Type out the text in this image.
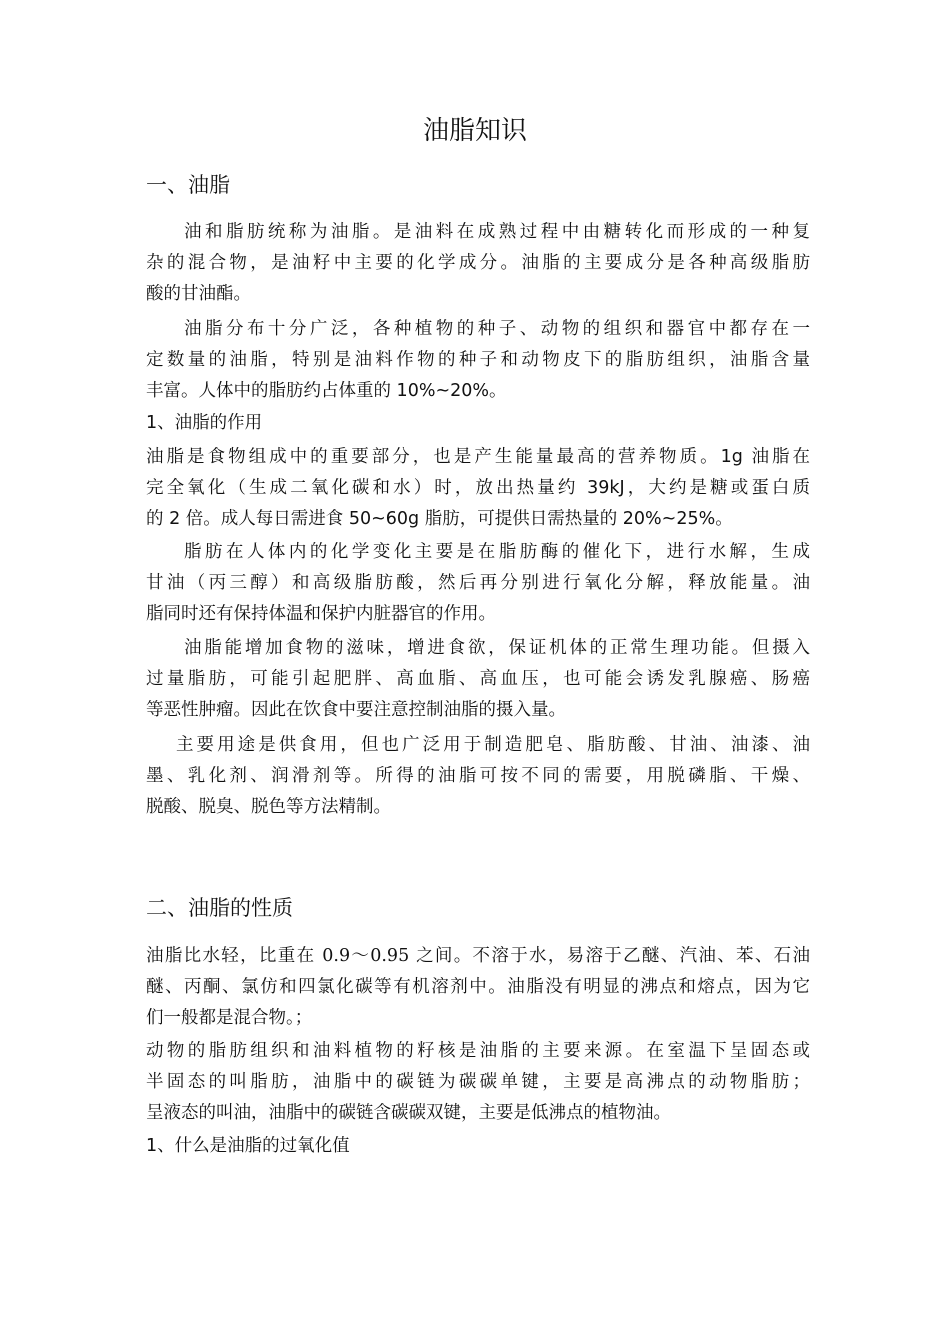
油脂知识
一、油脂
油和脂肪统称为油脂。是油料在成熟过程中由糖转化而形成的一种复
杂的混合物，是油籽中主要的化学成分。油脂的主要成分是各种高级脂肪
酸的甘油酯。
油脂分布十分广泛，各种植物的种子、动物的组织和器官中都存在一
定数量的油脂，特别是油料作物的种子和动物皮下的脂肪组织，油脂含量
丰富。人体中的脂肪约占体重的 10%~20%。
1、油脂的作用
油脂是食物组成中的重要部分，也是产生能量最高的营养物质。1g 油脂在
完全氧化（生成二氧化碳和水）时，放出热量约 39kJ，大约是糖或蛋白质
的 2 倍。成人每日需进食 50~60g 脂肪，可提供日需热量的 20%~25%。
脂肪在人体内的化学变化主要是在脂肪酶的催化下，进行水解，生成
甘油（丙三醇）和高级脂肪酸，然后再分别进行氧化分解，释放能量。油
脂同时还有保持体温和保护内脏器官的作用。
油脂能增加食物的滋味，增进食欲，保证机体的正常生理功能。但摄入
过量脂肪，可能引起肥胖、高血脂、高血压，也可能会诱发乳腺癌、肠癌
等恶性肿瘤。因此在饮食中要注意控制油脂的摄入量。
主要用途是供食用，但也广泛用于制造肥皂、脂肪酸、甘油、油漆、油
墨、乳化剂、润滑剂等。所得的油脂可按不同的需要，用脱磷脂、干燥、
脱酸、脱臭、脱色等方法精制。
二、油脂的性质
油脂比水轻，比重在 0.9～0.95 之间。不溶于水，易溶于乙醚、汽油、苯、石油
醚、丙酮、氯仿和四氯化碳等有机溶剂中。油脂没有明显的沸点和熔点，因为它
们一般都是混合物。；
动物的脂肪组织和油料植物的籽核是油脂的主要来源。在室温下呈固态或
半固态的叫脂肪，油脂中的碳链为碳碳单键，主要是高沸点的动物脂肪；
呈液态的叫油，油脂中的碳链含碳碳双键，主要是低沸点的植物油。
1、什么是油脂的过氧化值
